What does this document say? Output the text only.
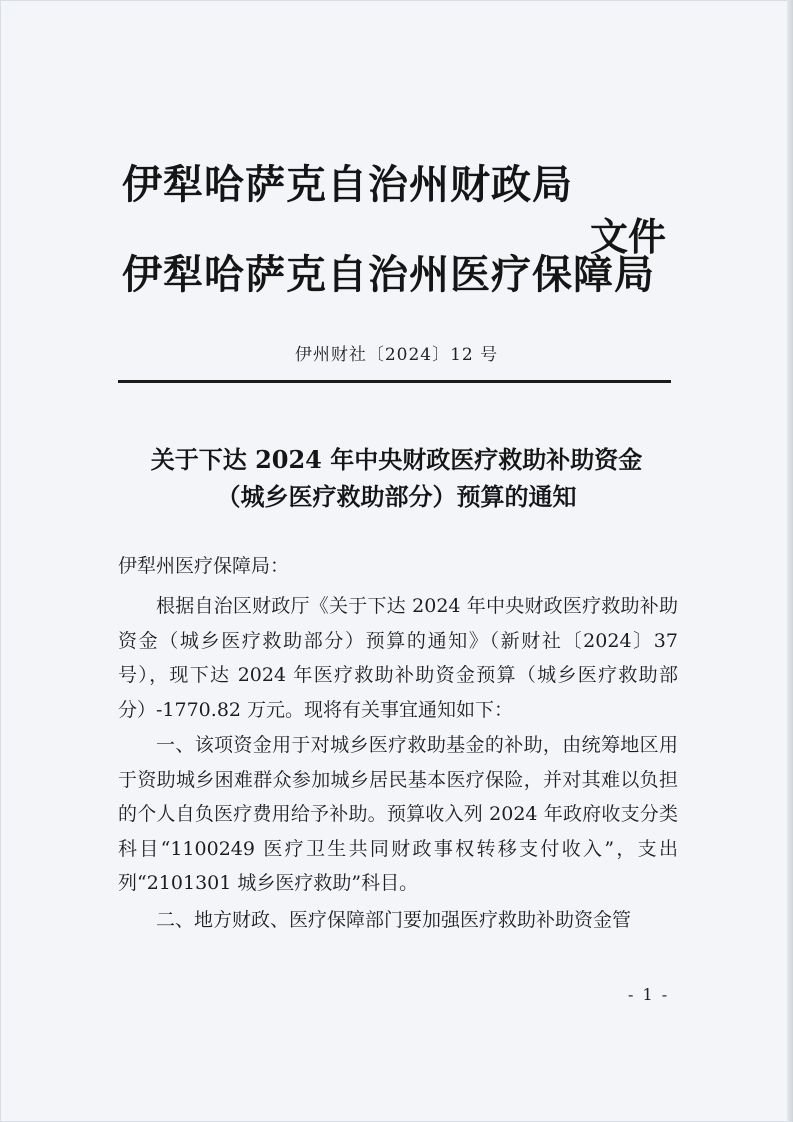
伊犁哈萨克自治州财政局
文件
伊犁哈萨克自治州医疗保障局
伊州财社〔2024〕12 号
关于下达 2024 年中央财政医疗救助补助资金
（城乡医疗救助部分）预算的通知
伊犁州医疗保障局：

根据自治区财政厅《关于下达 2024 年中央财政医疗救助补助资金（城乡医疗救助部分）预算的通知》（新财社〔2024〕37 号），现下达 2024 年医疗救助补助资金预算（城乡医疗救助部分）-1770.82 万元。现将有关事宜通知如下：

一、该项资金用于对城乡医疗救助基金的补助，由统筹地区用于资助城乡困难群众参加城乡居民基本医疗保险，并对其难以负担的个人自负医疗费用给予补助。预算收入列 2024 年政府收支分类科目“1100249 医疗卫生共同财政事权转移支付收入”，支出列“2101301 城乡医疗救助”科目。

二、地方财政、医疗保障部门要加强医疗救助补助资金管

- 1 -
